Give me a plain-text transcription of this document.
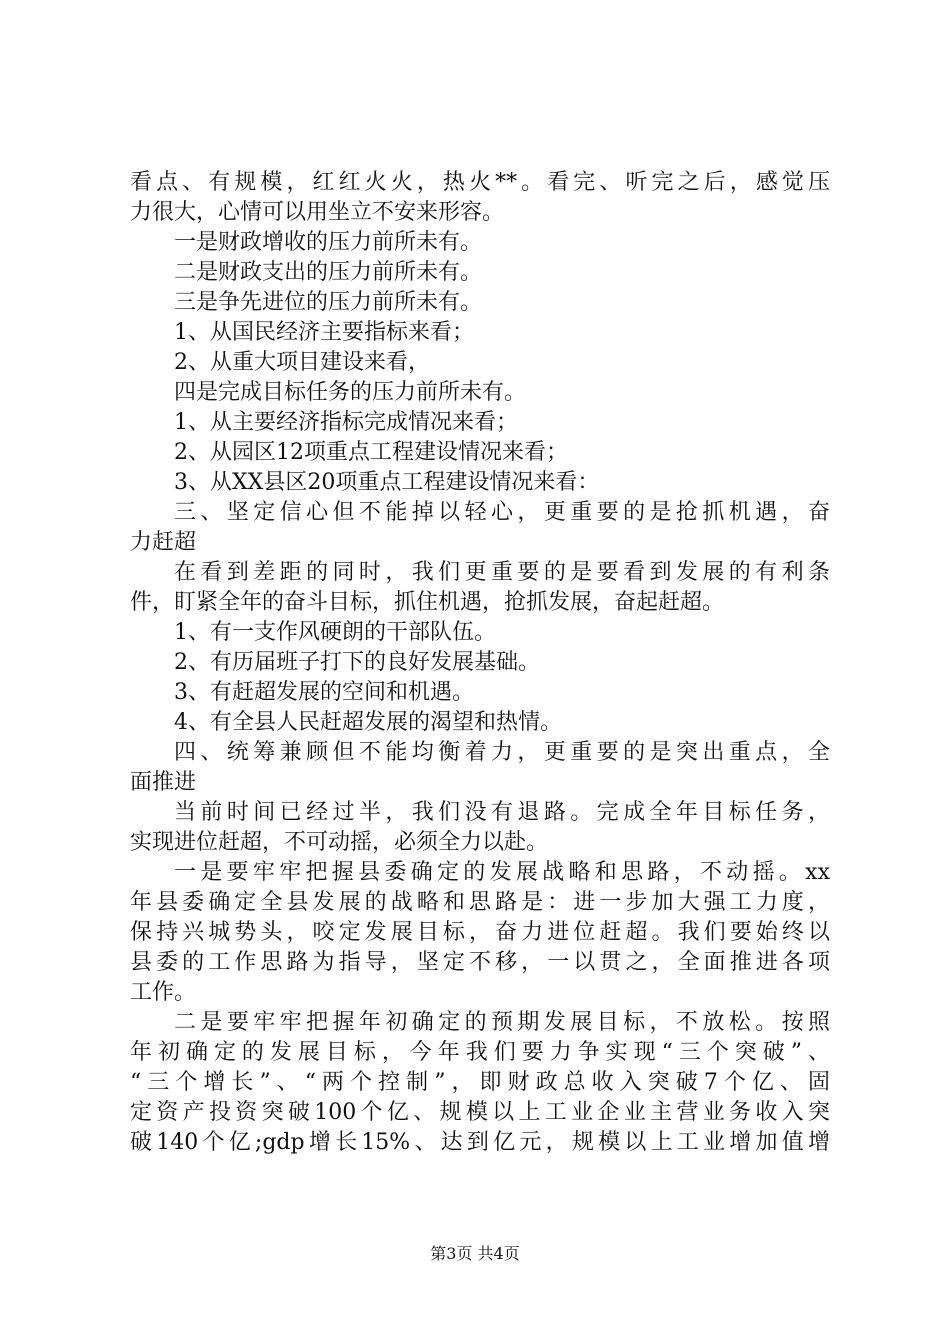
看点、有规模，红红火火，热火**。看完、听完之后，感觉压
力很大，心情可以用坐立不安来形容。
一是财政增收的压力前所未有。
二是财政支出的压力前所未有。
三是争先进位的压力前所未有。
1、从国民经济主要指标来看；
2、从重大项目建设来看，
四是完成目标任务的压力前所未有。
1、从主要经济指标完成情况来看；
2、从园区12项重点工程建设情况来看；
3、从XX县区20项重点工程建设情况来看：
三、坚定信心但不能掉以轻心，更重要的是抢抓机遇，奋
力赶超
在看到差距的同时，我们更重要的是要看到发展的有利条
件，盯紧全年的奋斗目标，抓住机遇，抢抓发展，奋起赶超。
1、有一支作风硬朗的干部队伍。
2、有历届班子打下的良好发展基础。
3、有赶超发展的空间和机遇。
4、有全县人民赶超发展的渴望和热情。
四、统筹兼顾但不能均衡着力，更重要的是突出重点，全
面推进
当前时间已经过半，我们没有退路。完成全年目标任务，
实现进位赶超，不可动摇，必须全力以赴。
一是要牢牢把握县委确定的发展战略和思路，不动摇。xx
年县委确定全县发展的战略和思路是：进一步加大强工力度，
保持兴城势头，咬定发展目标，奋力进位赶超。我们要始终以
县委的工作思路为指导，坚定不移，一以贯之，全面推进各项
工作。
二是要牢牢把握年初确定的预期发展目标，不放松。按照
年初确定的发展目标，今年我们要力争实现“三个突破”、
“三个增长”、“两个控制”，即财政总收入突破7个亿、固
定资产投资突破100个亿、规模以上工业企业主营业务收入突
破140个亿;gdp增长15%、达到亿元，规模以上工业增加值增
第3页 共4页
